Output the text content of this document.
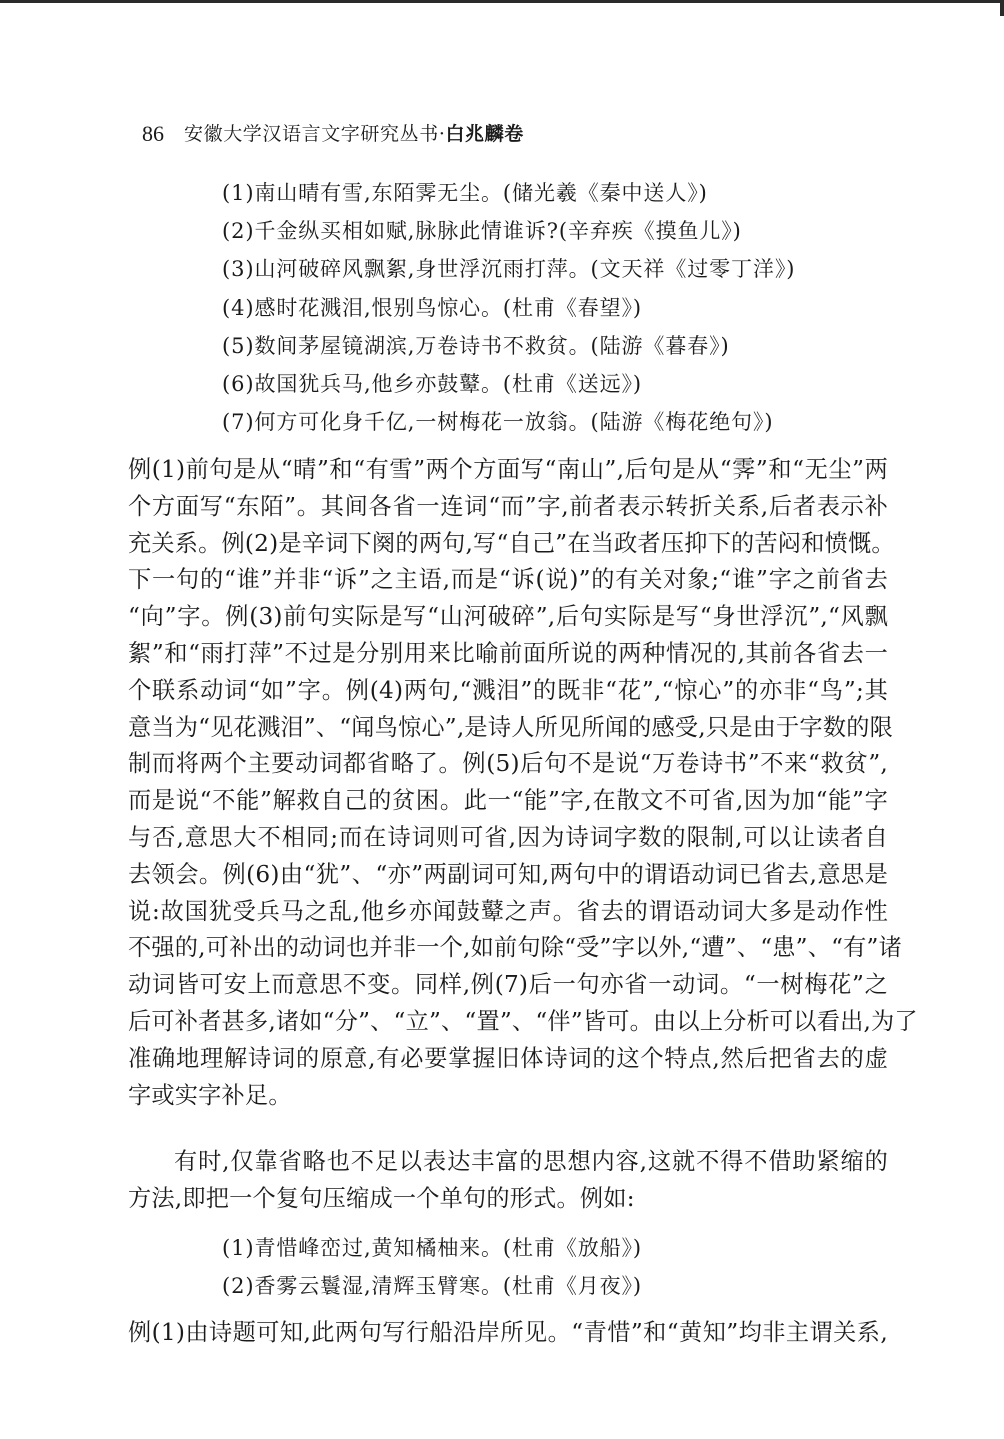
86 安徽大学汉语言文字研究丛书·白兆麟卷
(1)南山晴有雪,东陌霁无尘。(储光羲《秦中送人》)
(2)千金纵买相如赋,脉脉此情谁诉?(辛弃疾《摸鱼儿》)
(3)山河破碎风飘絮,身世浮沉雨打萍。(文天祥《过零丁洋》)
(4)感时花溅泪,恨别鸟惊心。(杜甫《春望》)
(5)数间茅屋镜湖滨,万卷诗书不救贫。(陆游《暮春》)
(6)故国犹兵马,他乡亦鼓鼙。(杜甫《送远》)
(7)何方可化身千亿,一树梅花一放翁。(陆游《梅花绝句》)
例(1)前句是从“晴”和“有雪”两个方面写“南山”,后句是从“霁”和“无尘”两
个方面写“东陌”。其间各省一连词“而”字,前者表示转折关系,后者表示补
充关系。例(2)是辛词下阕的两句,写“自己”在当政者压抑下的苦闷和愤慨。
下一句的“谁”并非“诉”之主语,而是“诉(说)”的有关对象;“谁”字之前省去
“向”字。例(3)前句实际是写“山河破碎”,后句实际是写“身世浮沉”,“风飘
絮”和“雨打萍”不过是分别用来比喻前面所说的两种情况的,其前各省去一
个联系动词“如”字。例(4)两句,“溅泪”的既非“花”,“惊心”的亦非“鸟”;其
意当为“见花溅泪”、“闻鸟惊心”,是诗人所见所闻的感受,只是由于字数的限
制而将两个主要动词都省略了。例(5)后句不是说“万卷诗书”不来“救贫”,
而是说“不能”解救自己的贫困。此一“能”字,在散文不可省,因为加“能”字
与否,意思大不相同;而在诗词则可省,因为诗词字数的限制,可以让读者自
去领会。例(6)由“犹”、“亦”两副词可知,两句中的谓语动词已省去,意思是
说:故国犹受兵马之乱,他乡亦闻鼓鼙之声。省去的谓语动词大多是动作性
不强的,可补出的动词也并非一个,如前句除“受”字以外,“遭”、“患”、“有”诸
动词皆可安上而意思不变。同样,例(7)后一句亦省一动词。“一树梅花”之
后可补者甚多,诸如“分”、“立”、“置”、“伴”皆可。由以上分析可以看出,为了
准确地理解诗词的原意,有必要掌握旧体诗词的这个特点,然后把省去的虚
字或实字补足。
有时,仅靠省略也不足以表达丰富的思想内容,这就不得不借助紧缩的
方法,即把一个复句压缩成一个单句的形式。例如:
(1)青惜峰峦过,黄知橘柚来。(杜甫《放船》)
(2)香雾云鬟湿,清辉玉臂寒。(杜甫《月夜》)
例(1)由诗题可知,此两句写行船沿岸所见。“青惜”和“黄知”均非主谓关系,
